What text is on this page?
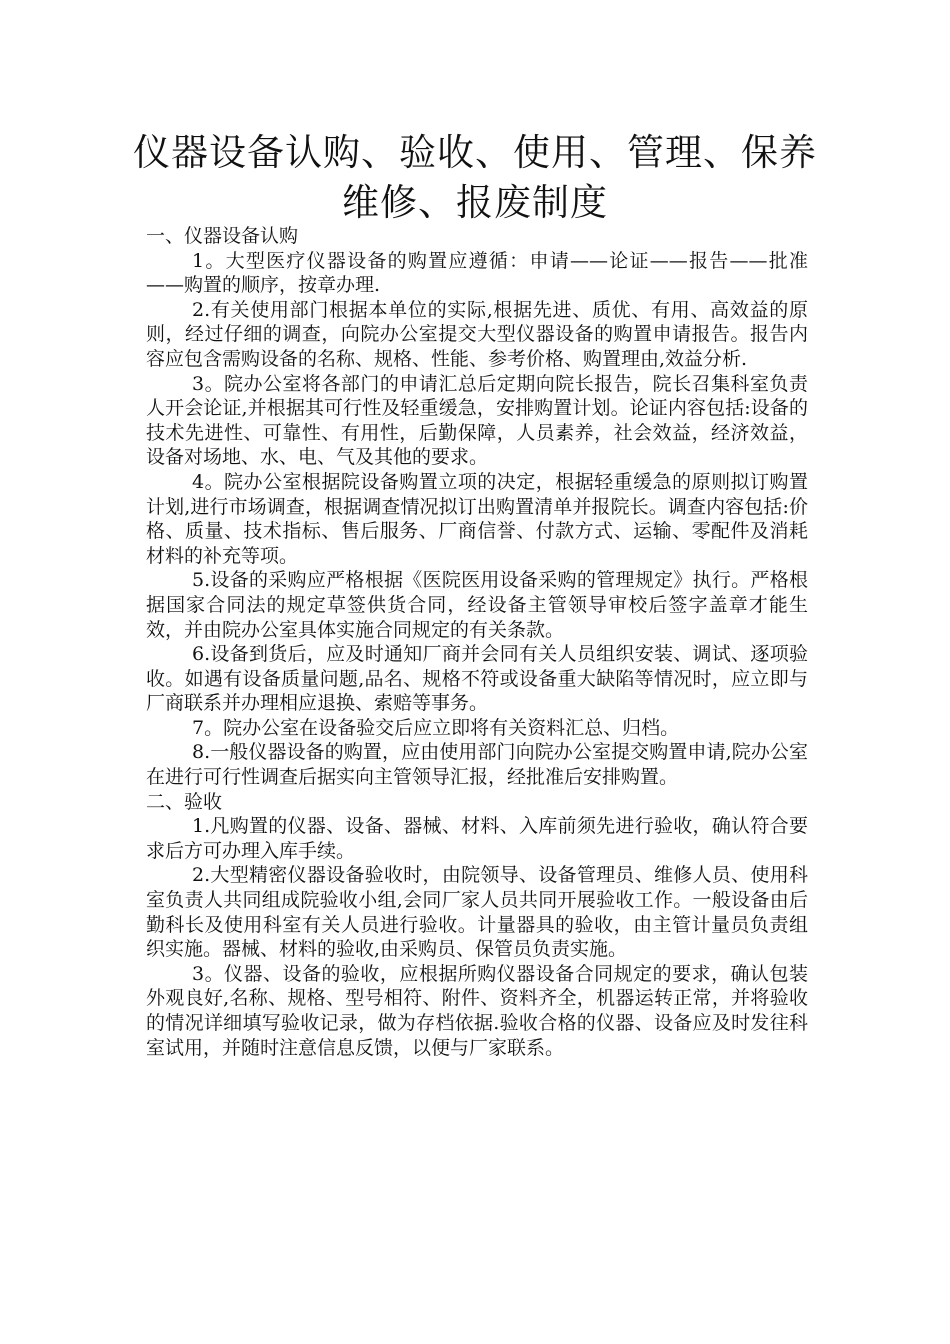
仪器设备认购、验收、使用、管理、保养维修、报废制度

一、仪器设备认购

1。大型医疗仪器设备的购置应遵循：申请——论证——报告——批准——购置的顺序，按章办理.

2.有关使用部门根据本单位的实际,根据先进、质优、有用、高效益的原则，经过仔细的调查，向院办公室提交大型仪器设备的购置申请报告。报告内容应包含需购设备的名称、规格、性能、参考价格、购置理由,效益分析.

3。院办公室将各部门的申请汇总后定期向院长报告，院长召集科室负责人开会论证,并根据其可行性及轻重缓急，安排购置计划。论证内容包括:设备的技术先进性、可靠性、有用性，后勤保障，人员素养，社会效益，经济效益，设备对场地、水、电、气及其他的要求。

4。院办公室根据院设备购置立项的决定，根据轻重缓急的原则拟订购置计划,进行市场调查，根据调查情况拟订出购置清单并报院长。调查内容包括:价格、质量、技术指标、售后服务、厂商信誉、付款方式、运输、零配件及消耗材料的补充等项。

5.设备的采购应严格根据《医院医用设备采购的管理规定》执行。严格根据国家合同法的规定草签供货合同，经设备主管领导审校后签字盖章才能生效，并由院办公室具体实施合同规定的有关条款。

6.设备到货后，应及时通知厂商并会同有关人员组织安装、调试、逐项验收。如遇有设备质量问题,品名、规格不符或设备重大缺陷等情况时，应立即与厂商联系并办理相应退换、索赔等事务。

7。院办公室在设备验交后应立即将有关资料汇总、归档。

8.一般仪器设备的购置，应由使用部门向院办公室提交购置申请,院办公室在进行可行性调查后据实向主管领导汇报，经批准后安排购置。

二、验收

1.凡购置的仪器、设备、器械、材料、入库前须先进行验收，确认符合要求后方可办理入库手续。

2.大型精密仪器设备验收时，由院领导、设备管理员、维修人员、使用科室负责人共同组成院验收小组,会同厂家人员共同开展验收工作。一般设备由后勤科长及使用科室有关人员进行验收。计量器具的验收，由主管计量员负责组织实施。器械、材料的验收,由采购员、保管员负责实施。

3。仪器、设备的验收，应根据所购仪器设备合同规定的要求，确认包装外观良好,名称、规格、型号相符、附件、资料齐全，机器运转正常，并将验收的情况详细填写验收记录，做为存档依据.验收合格的仪器、设备应及时发往科室试用，并随时注意信息反馈，以便与厂家联系。
